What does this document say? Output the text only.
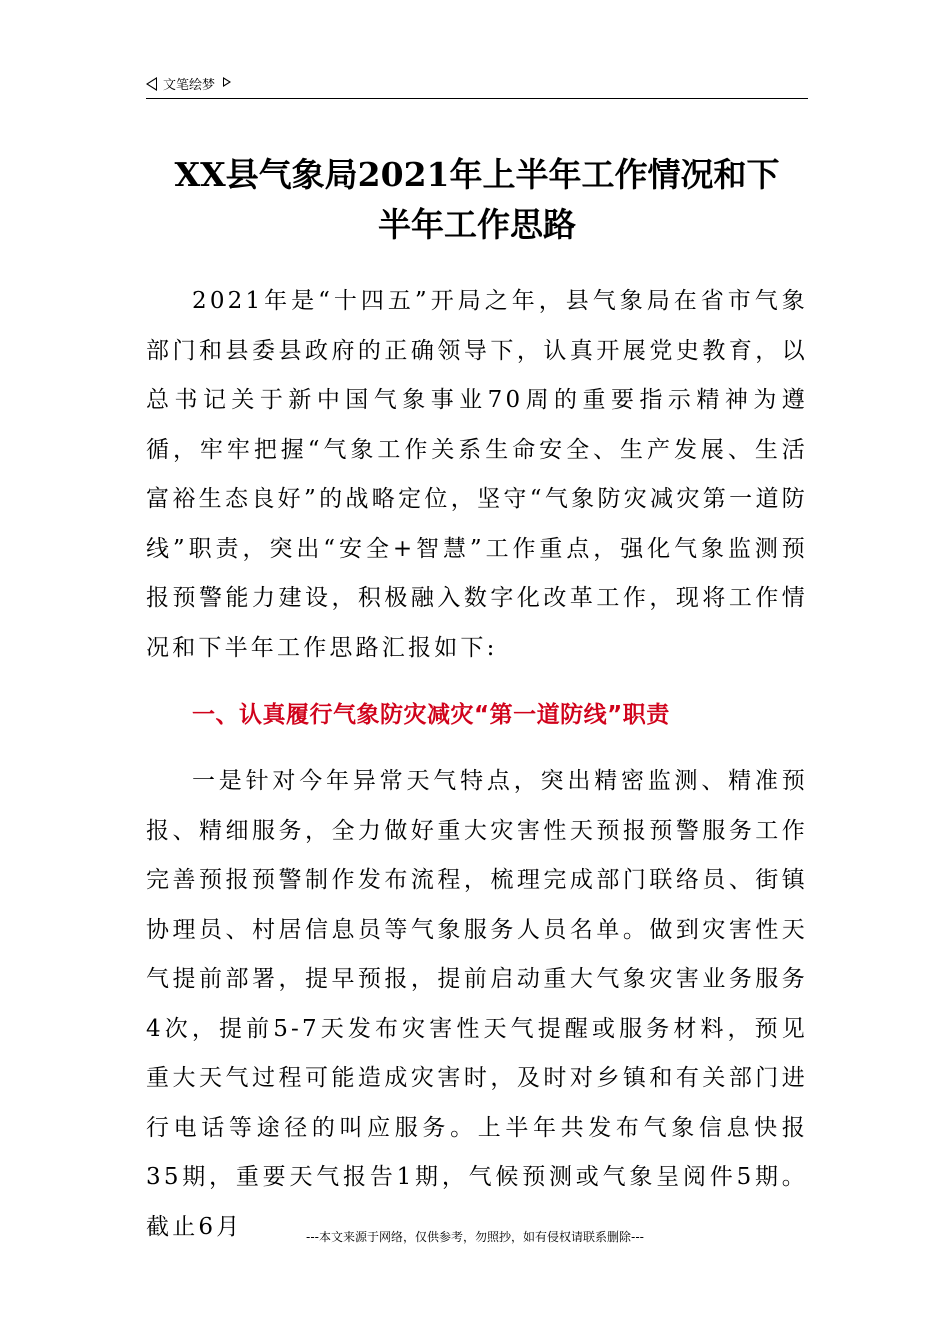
文笔绘梦
XX县气象局2021年上半年工作情况和下
半年工作思路

2021年是“十四五”开局之年，县气象局在省市气象部门和县委县政府的正确领导下，认真开展党史教育，以总书记关于新中国气象事业70周的重要指示精神为遵循，牢牢把握“气象工作关系生命安全、生产发展、生活富裕生态良好”的战略定位，坚守“气象防灾减灾第一道防线”职责，突出“安全+智慧”工作重点，强化气象监测预报预警能力建设，积极融入数字化改革工作，现将工作情况和下半年工作思路汇报如下:

一、认真履行气象防灾减灾“第一道防线”职责

一是针对今年异常天气特点，突出精密监测、精准预报、精细服务，全力做好重大灾害性天预报预警服务工作完善预报预警制作发布流程，梳理完成部门联络员、街镇协理员、村居信息员等气象服务人员名单。做到灾害性天气提前部署，提早预报，提前启动重大气象灾害业务服务4次，提前5-7天发布灾害性天气提醒或服务材料，预见重大天气过程可能造成灾害时，及时对乡镇和有关部门进行电话等途径的叫应服务。上半年共发布气象信息快报35期，重要天气报告1期，气候预测或气象呈阅件5期。截止6月	---本文来源于网络，仅供参考，勿照抄，如有侵权请联系删除---
